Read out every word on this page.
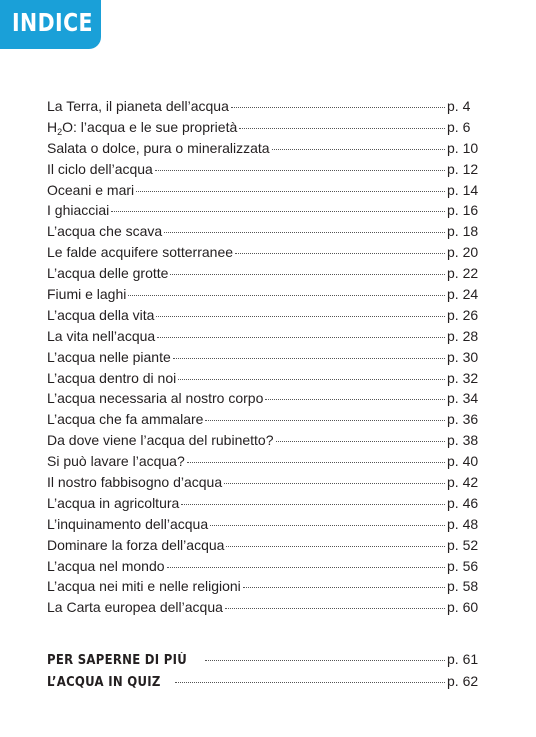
INDICE
La Terra, il pianeta dell’acqua	p. 4
$H_2O$: l’acqua e le sue proprietà	p. 6
Salata o dolce, pura o mineralizzata	p. 10
Il ciclo dell’acqua	p. 12
Oceani e mari	p. 14
I ghiacciai	p. 16
L’acqua che scava	p. 18
Le falde acquifere sotterranee	p. 20
L’acqua delle grotte	p. 22
Fiumi e laghi	p. 24
L’acqua della vita	p. 26
La vita nell’acqua	p. 28
L’acqua nelle piante	p. 30
L’acqua dentro di noi	p. 32
L’acqua necessaria al nostro corpo	p. 34
L’acqua che fa ammalare	p. 36
Da dove viene l’acqua del rubinetto?	p. 38
Si può lavare l’acqua?	p. 40
Il nostro fabbisogno d’acqua	p. 42
L’acqua in agricoltura	p. 46
L’inquinamento dell’acqua	p. 48
Dominare la forza dell’acqua	p. 52
L’acqua nel mondo	p. 56
L’acqua nei miti e nelle religioni	p. 58
La Carta europea dell’acqua	p. 60
PER SAPERNE DI PIÙ	p. 61
L’ACQUA IN QUIZ	p. 62
